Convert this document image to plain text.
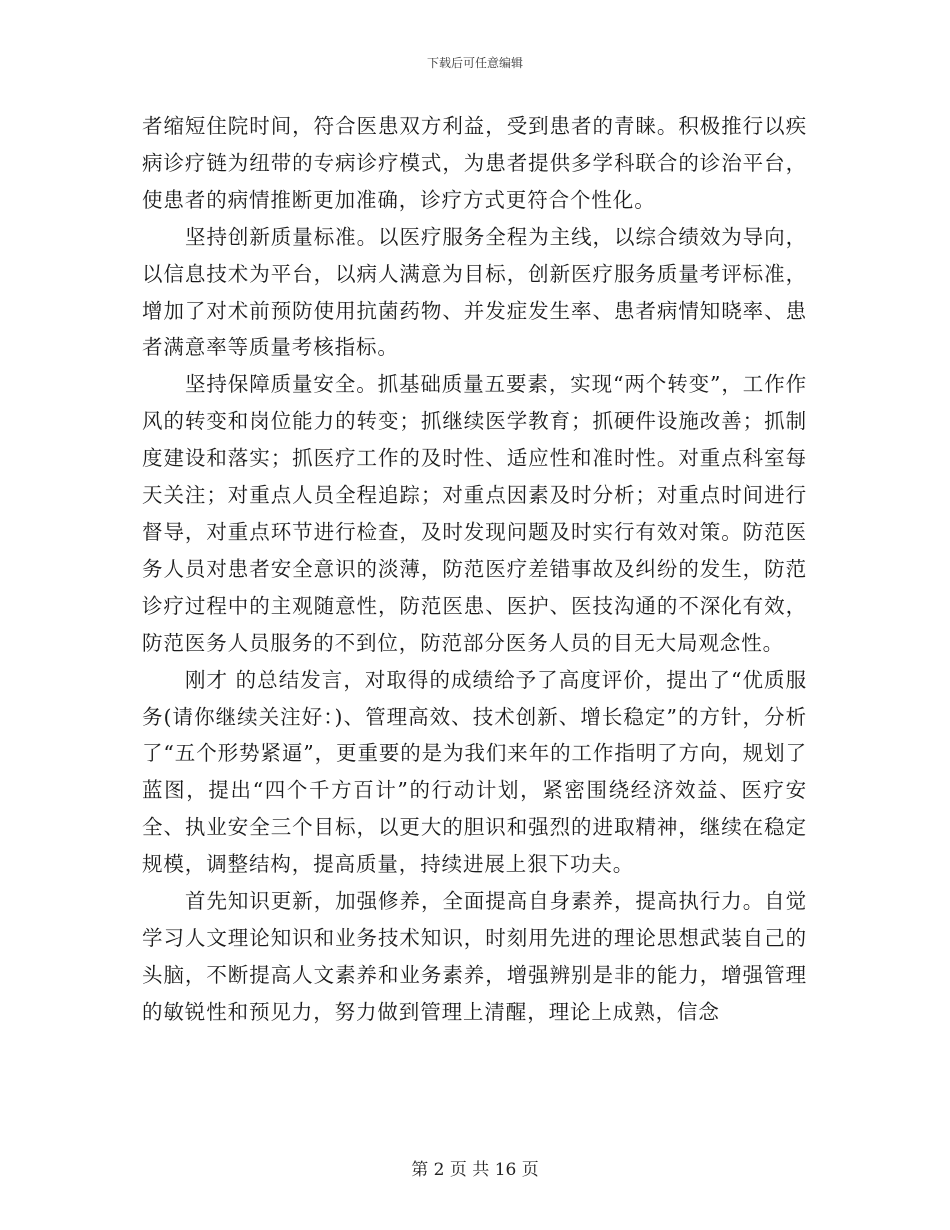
下载后可任意编辑

者缩短住院时间，符合医患双方利益，受到患者的青睐。积极推行以疾病诊疗链为纽带的专病诊疗模式，为患者提供多学科联合的诊治平台，使患者的病情推断更加准确，诊疗方式更符合个性化。

坚持创新质量标准。以医疗服务全程为主线，以综合绩效为导向，以信息技术为平台，以病人满意为目标，创新医疗服务质量考评标准，增加了对术前预防使用抗菌药物、并发症发生率、患者病情知晓率、患者满意率等质量考核指标。

坚持保障质量安全。抓基础质量五要素，实现“两个转变”，工作作风的转变和岗位能力的转变；抓继续医学教育；抓硬件设施改善；抓制度建设和落实；抓医疗工作的及时性、适应性和准时性。对重点科室每天关注；对重点人员全程追踪；对重点因素及时分析；对重点时间进行督导，对重点环节进行检查，及时发现问题及时实行有效对策。防范医务人员对患者安全意识的淡薄，防范医疗差错事故及纠纷的发生，防范诊疗过程中的主观随意性，防范医患、医护、医技沟通的不深化有效，防范医务人员服务的不到位，防范部分医务人员的目无大局观念性。

刚才 的总结发言，对取得的成绩给予了高度评价，提出了“优质服务(请你继续关注好：)、管理高效、技术创新、增长稳定”的方针，分析了“五个形势紧逼”，更重要的是为我们来年的工作指明了方向，规划了蓝图，提出“四个千方百计”的行动计划，紧密围绕经济效益、医疗安全、执业安全三个目标，以更大的胆识和强烈的进取精神，继续在稳定规模，调整结构，提高质量，持续进展上狠下功夫。

首先知识更新，加强修养，全面提高自身素养，提高执行力。自觉学习人文理论知识和业务技术知识，时刻用先进的理论思想武装自己的头脑，不断提高人文素养和业务素养，增强辨别是非的能力，增强管理的敏锐性和预见力，努力做到管理上清醒，理论上成熟，信念

第 2 页 共 16 页
